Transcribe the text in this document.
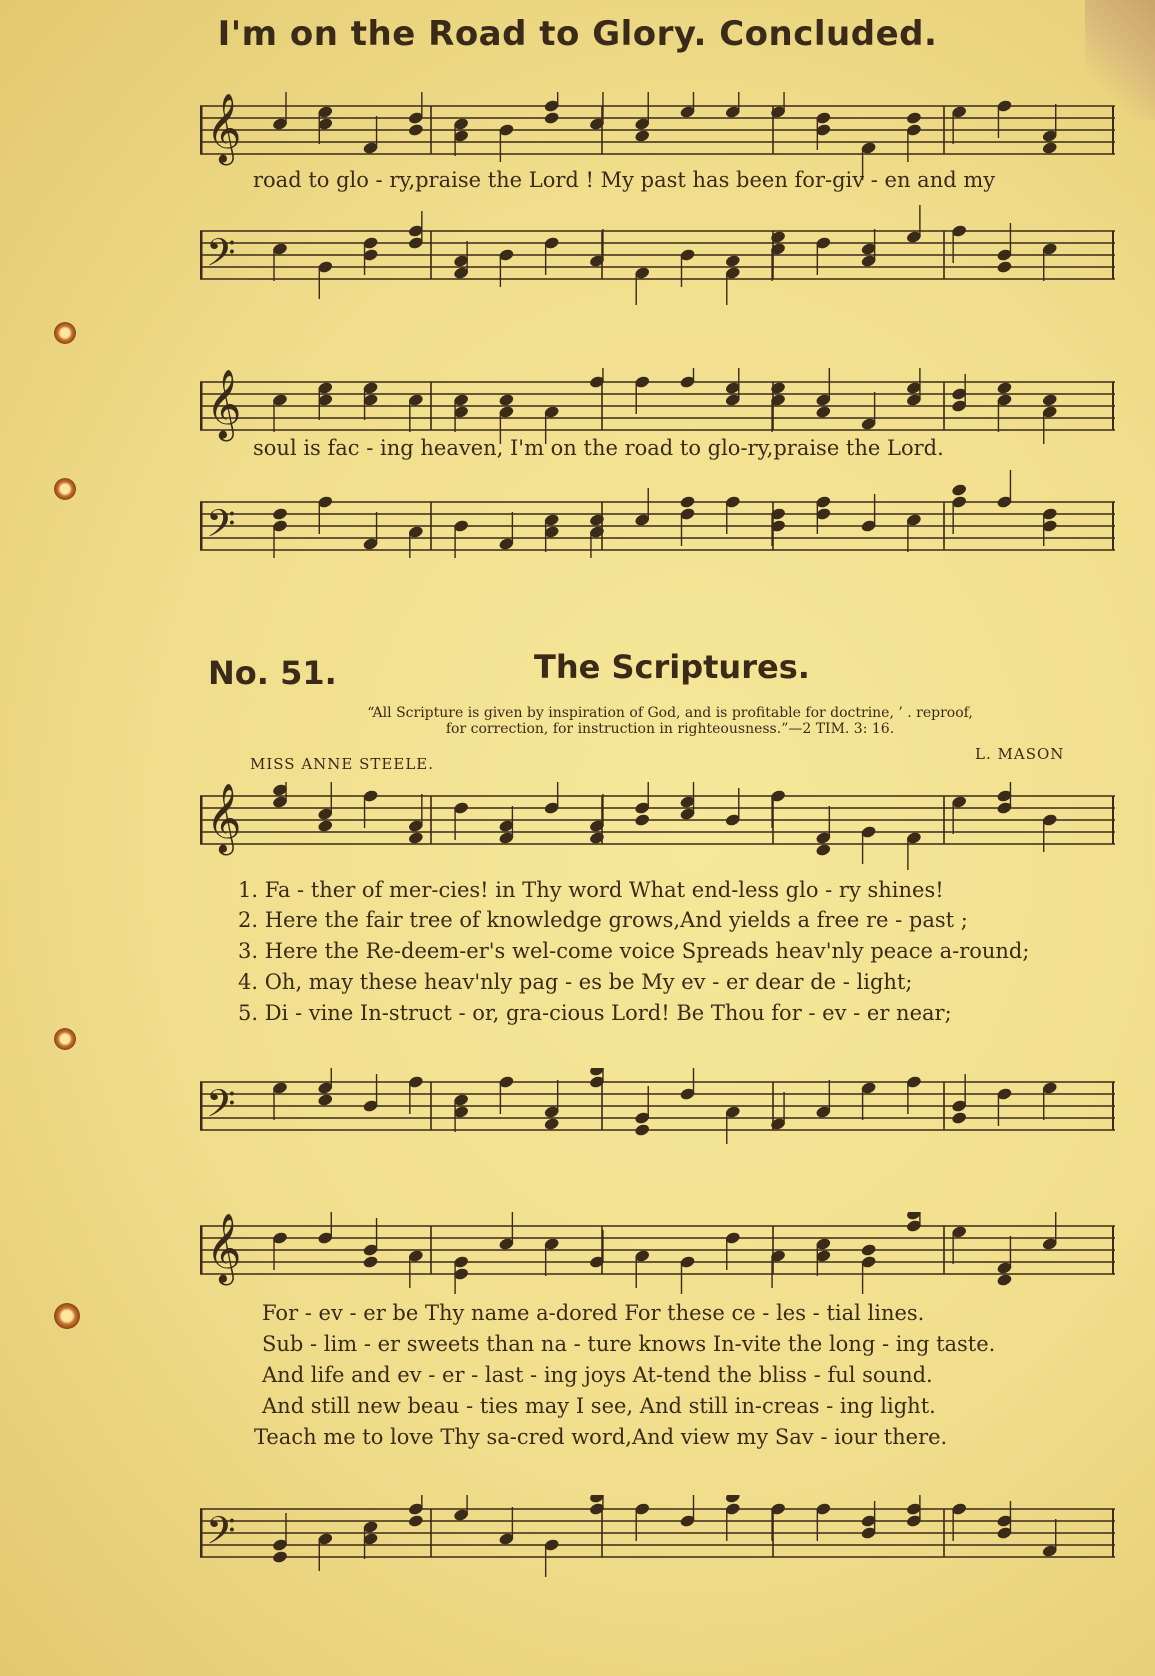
I'm on the Road to Glory. Concluded.
𝄞
𝄢
road to glo - ry,praise the Lord ! My past has been for-giv - en and my
𝄞
𝄢
soul is fac - ing heaven, I'm on the road to glo-ry,praise the Lord.
No. 51.	The Scriptures.
“All Scripture is given by inspiration of God, and is profitable for doctrine, ’ . reproof,
for correction, for instruction in righteousness.”—2 TIM. 3: 16.
MISS ANNE STEELE.
L. MASON
𝄞
1. Fa - ther of mer-cies! in Thy word What end-less glo - ry shines!
2. Here the fair tree of knowledge grows,And yields a free re - past ;
3. Here the Re-deem-er's wel-come voice Spreads heav'nly peace a-round;
4. Oh, may these heav'nly pag - es be My ev - er dear de - light;
5. Di - vine In-struct - or, gra-cious Lord! Be Thou for - ev - er near;
𝄢
𝄞
For - ev - er be Thy name a-dored For these ce - les - tial lines.
Sub - lim - er sweets than na - ture knows In-vite the long - ing taste.
And life and ev - er - last - ing joys At-tend the bliss - ful sound.
And still new beau - ties may I see, And still in-creas - ing light.
Teach me to love Thy sa-cred word,And view my Sav - iour there.
𝄢
